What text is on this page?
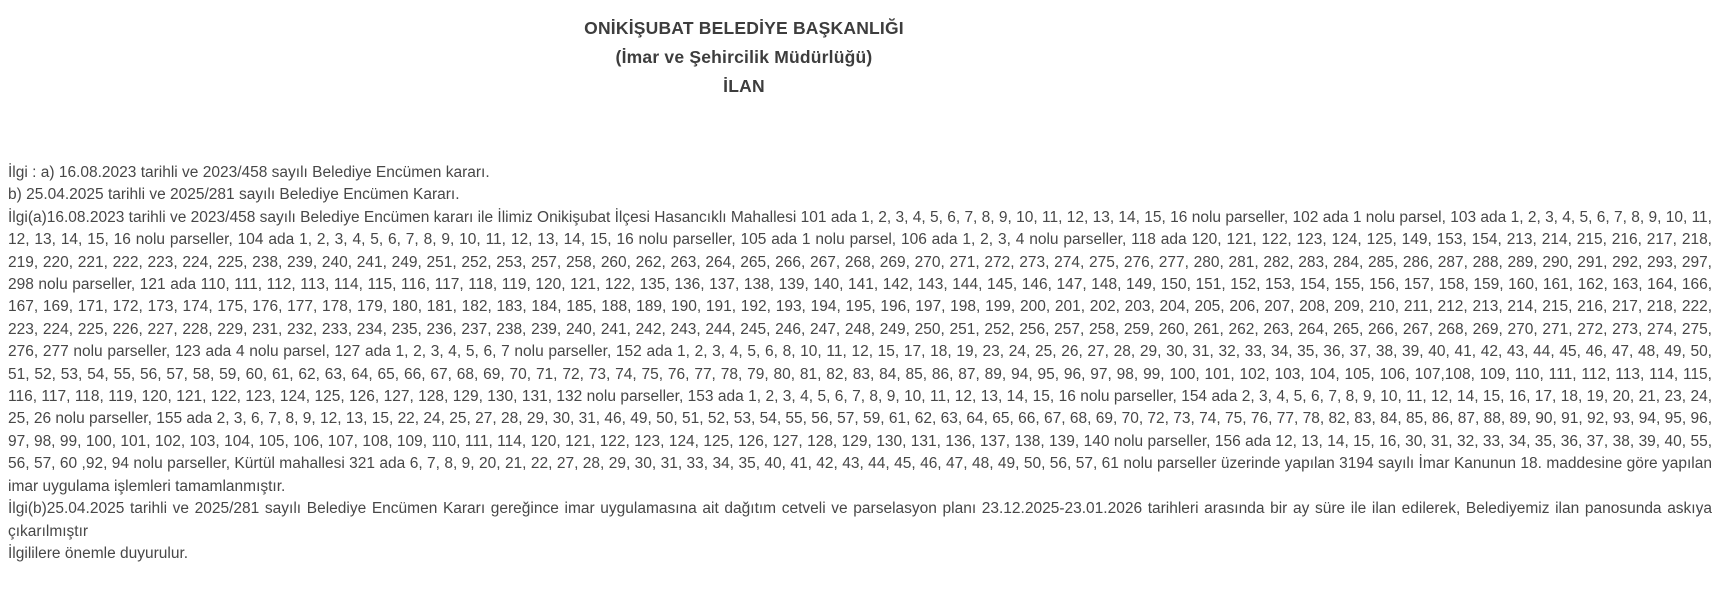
ONİKİŞUBAT BELEDİYE BAŞKANLIĞI
(İmar ve Şehircilik Müdürlüğü)
İLAN
İlgi : a) 16.08.2023 tarihli ve 2023/458 sayılı Belediye Encümen kararı.
b) 25.04.2025 tarihli ve 2025/281 sayılı Belediye Encümen Kararı.
İlgi(a)16.08.2023 tarihli ve 2023/458 sayılı Belediye Encümen kararı ile İlimiz Onikişubat İlçesi Hasancıklı Mahallesi 101 ada 1, 2, 3, 4, 5, 6, 7, 8, 9, 10, 11, 12, 13, 14, 15, 16 nolu parseller, 102 ada 1 nolu parsel, 103 ada 1, 2, 3, 4, 5, 6, 7, 8, 9, 10, 11, 12, 13, 14, 15, 16 nolu parseller, 104 ada 1, 2, 3, 4, 5, 6, 7, 8, 9, 10, 11, 12, 13, 14, 15, 16 nolu parseller, 105 ada 1 nolu parsel, 106 ada 1, 2, 3, 4 nolu parseller, 118 ada 120, 121, 122, 123, 124, 125, 149, 153, 154, 213, 214, 215, 216, 217, 218, 219, 220, 221, 222, 223, 224, 225, 238, 239, 240, 241, 249, 251, 252, 253, 257, 258, 260, 262, 263, 264, 265, 266, 267, 268, 269, 270, 271, 272, 273, 274, 275, 276, 277, 280, 281, 282, 283, 284, 285, 286, 287, 288, 289, 290, 291, 292, 293, 297, 298 nolu parseller, 121 ada 110, 111, 112, 113, 114, 115, 116, 117, 118, 119, 120, 121, 122, 135, 136, 137, 138, 139, 140, 141, 142, 143, 144, 145, 146, 147, 148, 149, 150, 151, 152, 153, 154, 155, 156, 157, 158, 159, 160, 161, 162, 163, 164, 166, 167, 169, 171, 172, 173, 174, 175, 176, 177, 178, 179, 180, 181, 182, 183, 184, 185, 188, 189, 190, 191, 192, 193, 194, 195, 196, 197, 198, 199, 200, 201, 202, 203, 204, 205, 206, 207, 208, 209, 210, 211, 212, 213, 214, 215, 216, 217, 218, 222, 223, 224, 225, 226, 227, 228, 229, 231, 232, 233, 234, 235, 236, 237, 238, 239, 240, 241, 242, 243, 244, 245, 246, 247, 248, 249, 250, 251, 252, 256, 257, 258, 259, 260, 261, 262, 263, 264, 265, 266, 267, 268, 269, 270, 271, 272, 273, 274, 275, 276, 277 nolu parseller, 123 ada 4 nolu parsel, 127 ada 1, 2, 3, 4, 5, 6, 7 nolu parseller, 152 ada 1, 2, 3, 4, 5, 6, 8, 10, 11, 12, 15, 17, 18, 19, 23, 24, 25, 26, 27, 28, 29, 30, 31, 32, 33, 34, 35, 36, 37, 38, 39, 40, 41, 42, 43, 44, 45, 46, 47, 48, 49, 50, 51, 52, 53, 54, 55, 56, 57, 58, 59, 60, 61, 62, 63, 64, 65, 66, 67, 68, 69, 70, 71, 72, 73, 74, 75, 76, 77, 78, 79, 80, 81, 82, 83, 84, 85, 86, 87, 89, 94, 95, 96, 97, 98, 99, 100, 101, 102, 103, 104, 105, 106, 107,108, 109, 110, 111, 112, 113, 114, 115, 116, 117, 118, 119, 120, 121, 122, 123, 124, 125, 126, 127, 128, 129, 130, 131, 132 nolu parseller, 153 ada 1, 2, 3, 4, 5, 6, 7, 8, 9, 10, 11, 12, 13, 14, 15, 16 nolu parseller, 154 ada 2, 3, 4, 5, 6, 7, 8, 9, 10, 11, 12, 14, 15, 16, 17, 18, 19, 20, 21, 23, 24, 25, 26 nolu parseller, 155 ada 2, 3, 6, 7, 8, 9, 12, 13, 15, 22, 24, 25, 27, 28, 29, 30, 31, 46, 49, 50, 51, 52, 53, 54, 55, 56, 57, 59, 61, 62, 63, 64, 65, 66, 67, 68, 69, 70, 72, 73, 74, 75, 76, 77, 78, 82, 83, 84, 85, 86, 87, 88, 89, 90, 91, 92, 93, 94, 95, 96, 97, 98, 99, 100, 101, 102, 103, 104, 105, 106, 107, 108, 109, 110, 111, 114, 120, 121, 122, 123, 124, 125, 126, 127, 128, 129, 130, 131, 136, 137, 138, 139, 140 nolu parseller, 156 ada 12, 13, 14, 15, 16, 30, 31, 32, 33, 34, 35, 36, 37, 38, 39, 40, 55, 56, 57, 60 ,92, 94 nolu parseller, Kürtül mahallesi 321 ada 6, 7, 8, 9, 20, 21, 22, 27, 28, 29, 30, 31, 33, 34, 35, 40, 41, 42, 43, 44, 45, 46, 47, 48, 49, 50, 56, 57, 61 nolu parseller üzerinde yapılan 3194 sayılı İmar Kanunun 18. maddesine göre yapılan imar uygulama işlemleri tamamlanmıştır.
İlgi(b)25.04.2025 tarihli ve 2025/281 sayılı Belediye Encümen Kararı gereğince imar uygulamasına ait dağıtım cetveli ve parselasyon planı 23.12.2025-23.01.2026 tarihleri arasında bir ay süre ile ilan edilerek, Belediyemiz ilan panosunda askıya çıkarılmıştır
İlgililere önemle duyurulur.
